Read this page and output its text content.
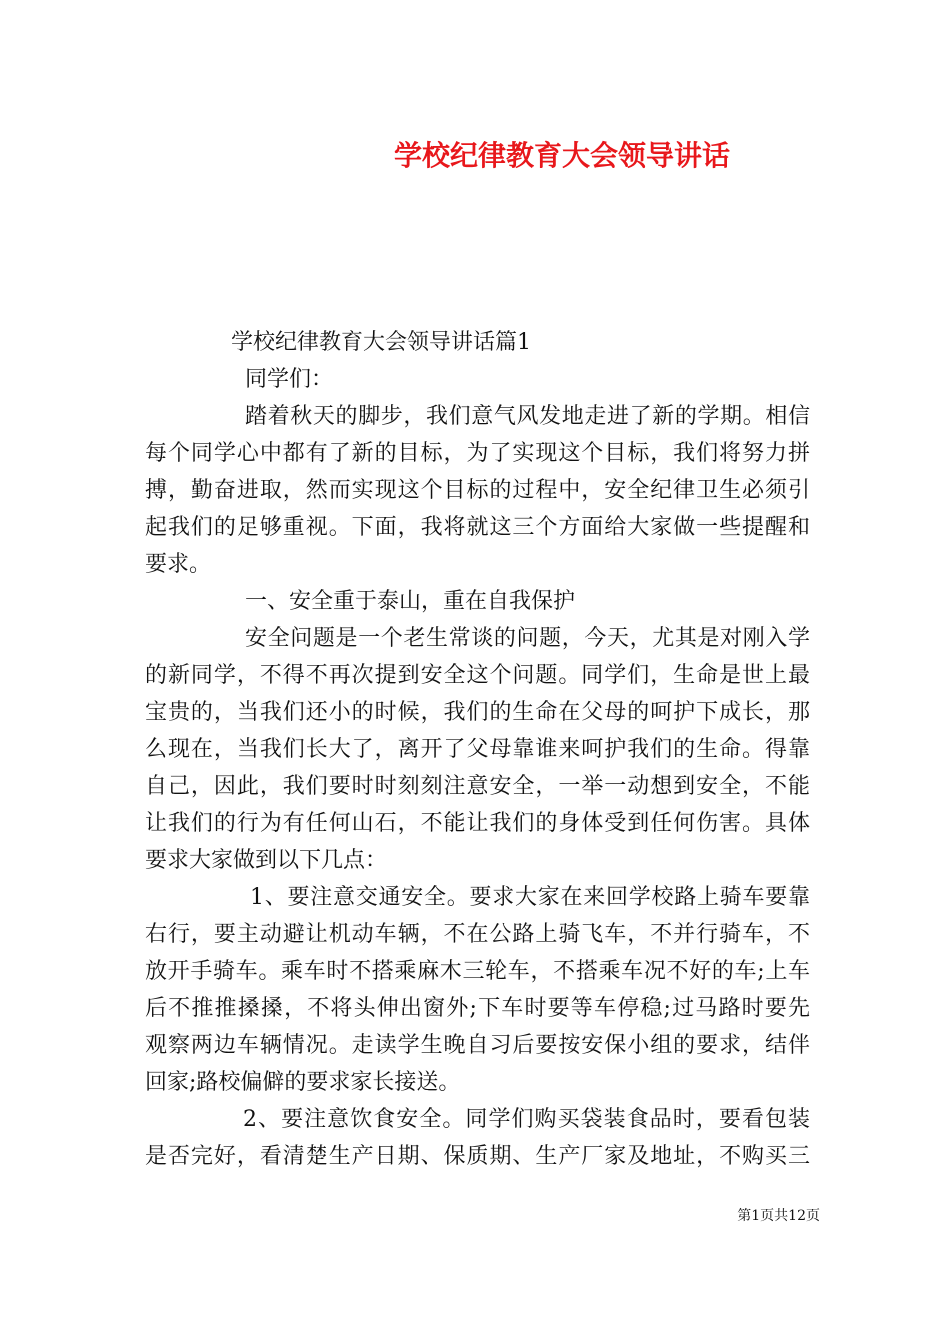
学校纪律教育大会领导讲话
学校纪律教育大会领导讲话篇1
同学们：
踏着秋天的脚步，我们意气风发地走进了新的学期。相信
每个同学心中都有了新的目标，为了实现这个目标，我们将努力拼
搏，勤奋进取，然而实现这个目标的过程中，安全纪律卫生必须引
起我们的足够重视。下面，我将就这三个方面给大家做一些提醒和
要求。
一、安全重于泰山，重在自我保护
安全问题是一个老生常谈的问题，今天，尤其是对刚入学
的新同学，不得不再次提到安全这个问题。同学们，生命是世上最
宝贵的，当我们还小的时候，我们的生命在父母的呵护下成长，那
么现在，当我们长大了，离开了父母靠谁来呵护我们的生命。得靠
自己，因此，我们要时时刻刻注意安全，一举一动想到安全，不能
让我们的行为有任何山石，不能让我们的身体受到任何伤害。具体
要求大家做到以下几点：
1、要注意交通安全。要求大家在来回学校路上骑车要靠
右行，要主动避让机动车辆，不在公路上骑飞车，不并行骑车，不
放开手骑车。乘车时不搭乘麻木三轮车，不搭乘车况不好的车;上车
后不推推搡搡，不将头伸出窗外;下车时要等车停稳;过马路时要先
观察两边车辆情况。走读学生晚自习后要按安保小组的要求，结伴
回家;路校偏僻的要求家长接送。
2、要注意饮食安全。同学们购买袋装食品时，要看包装
是否完好，看清楚生产日期、保质期、生产厂家及地址，不购买三
第1页共12页
